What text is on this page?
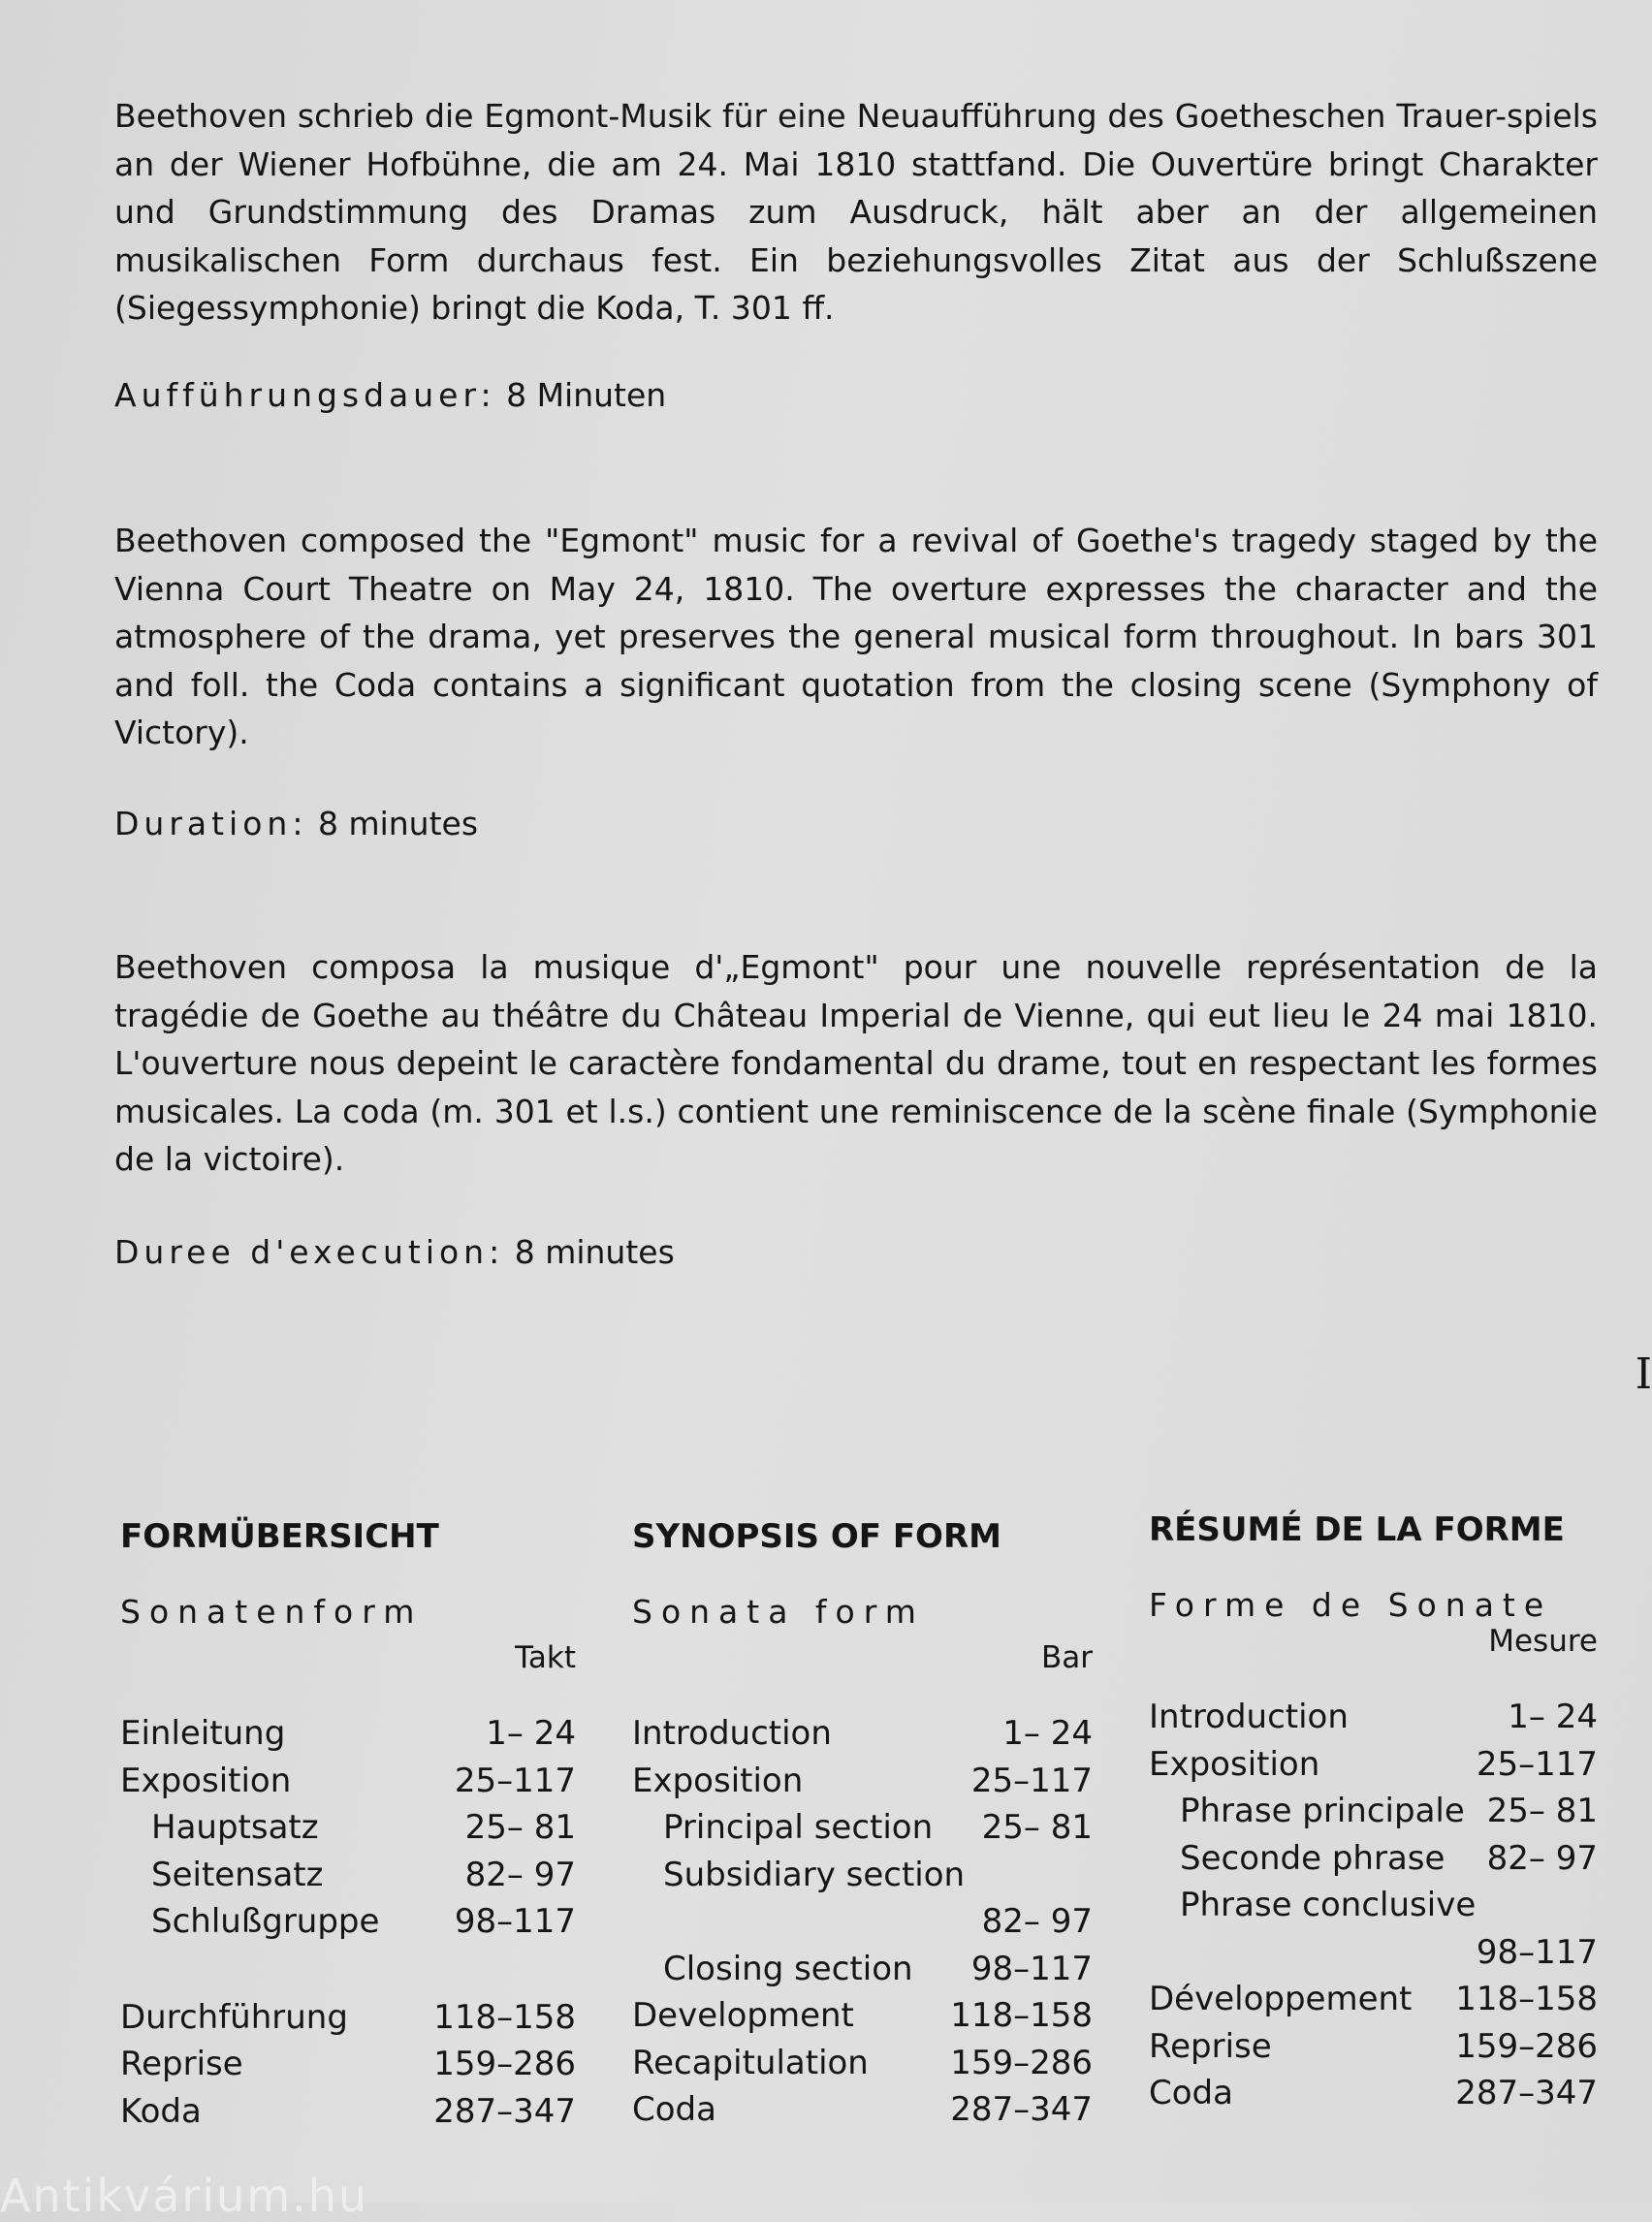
Beethoven schrieb die Egmont-Musik für eine Neuaufführung des Goetheschen Trauer-spiels an der Wiener Hofbühne, die am 24. Mai 1810 stattfand. Die Ouvertüre bringt Charakter und Grundstimmung des Dramas zum Ausdruck, hält aber an der allgemeinen musikalischen Form durchaus fest. Ein beziehungsvolles Zitat aus der Schlußszene (Siegessymphonie) bringt die Koda, T. 301 ff.

Aufführungsdauer: 8 Minuten

Beethoven composed the "Egmont" music for a revival of Goethe's tragedy staged by the Vienna Court Theatre on May 24, 1810. The overture expresses the character and the atmosphere of the drama, yet preserves the general musical form throughout. In bars 301 and foll. the Coda contains a significant quotation from the closing scene (Symphony of Victory).

Duration: 8 minutes

Beethoven composa la musique d'„Egmont" pour une nouvelle représentation de la tragédie de Goethe au théâtre du Château Imperial de Vienne, qui eut lieu le 24 mai 1810. L'ouverture nous depeint le caractère fondamental du drame, tout en respectant les formes musicales. La coda (m. 301 et l.s.) contient une reminiscence de la scène finale (Symphonie de la victoire).

Duree d'execution: 8 minutes

I
FORMÜBERSICHT

Sonatenform

Takt
Einleitung	1– 24
Exposition	25–117
Hauptsatz	25– 81
Seitensatz	82– 97
Schlußgruppe 98–117
Durchführung	118–158
Reprise	159–286
Koda	287–347
SYNOPSIS OF FORM

Sonata form

Bar
Introduction	1– 24
Exposition	25–117
Principal section 25– 81
Subsidiary section
82– 97
Closing section 98–117
Development	118–158
Recapitulation 159–286
Coda	287–347
RÉSUMÉ DE LA FORME

Forme de Sonate

Mesure
Introduction	1– 24
Exposition	25–117
Phrase principale 25– 81
Seconde phrase 82– 97
Phrase conclusive
98–117
Développement 118–158
Reprise	159–286
Coda	287–347
Antikvárium.hu
